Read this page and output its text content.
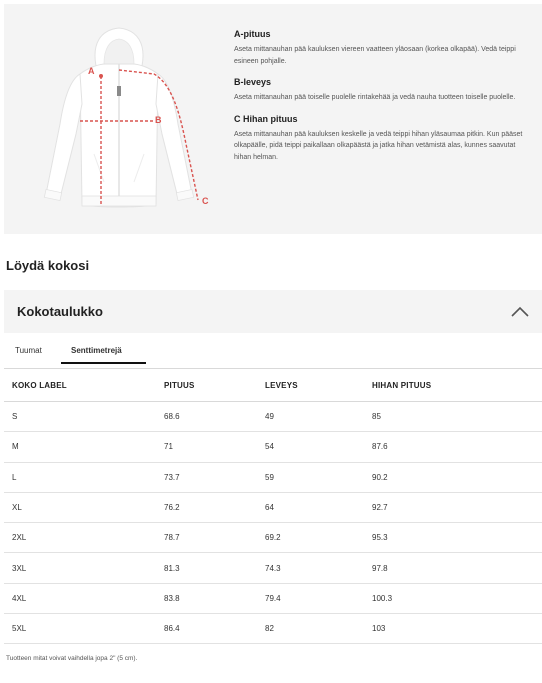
A
B
C
A-pituus
Aseta mittanauhan pää kauluksen viereen vaatteen yläosaan (korkea olkapää). Vedä teippi esineen pohjalle.
B-leveys
Aseta mittanauhan pää toiselle puolelle rintakehää ja vedä nauha tuotteen toiselle puolelle.
C Hihan pituus
Aseta mittanauhan pää kauluksen keskelle ja vedä teippi hihan yläsaumaa pitkin. Kun pääset olkapäälle, pidä teippi paikallaan olkapäästä ja jatka hihan vetämistä alas, kunnes saavutat hihan helman.
Löydä kokosi
Kokotaulukko
Tuumat	Senttimetrejä
KOKO LABEL	PITUUS	LEVEYS	HIHAN PITUUS
S	68.6	49	85
M	71	54	87.6
L	73.7	59	90.2
XL	76.2	64	92.7
2XL	78.7	69.2	95.3
3XL	81.3	74.3	97.8
4XL	83.8	79.4	100.3
5XL	86.4	82	103
Tuotteen mitat voivat vaihdella jopa 2" (5 cm).
